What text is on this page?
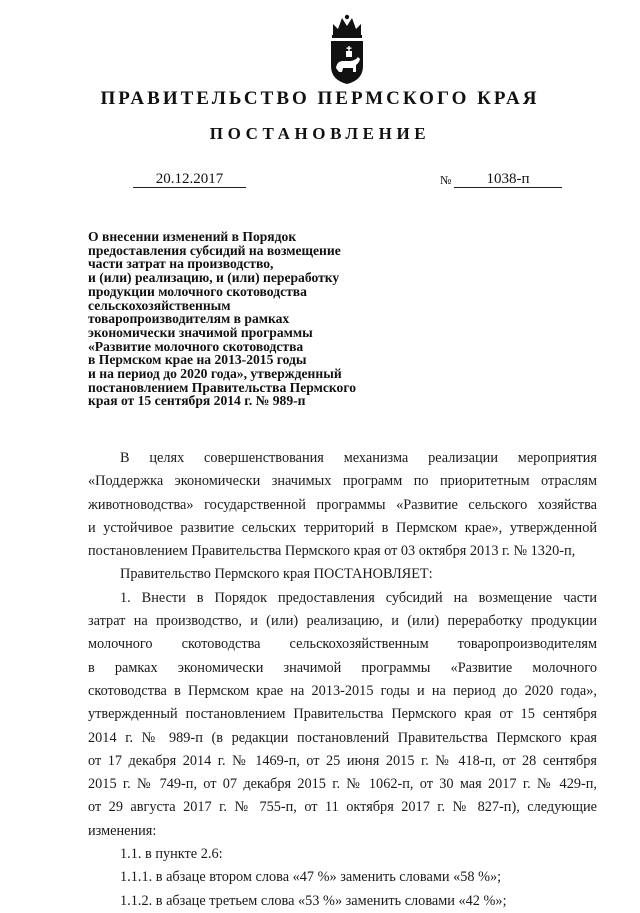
ПРАВИТЕЛЬСТВО ПЕРМСКОГО КРАЯ
ПОСТАНОВЛЕНИЕ
20.12.2017	№	1038-п
О внесении изменений в Порядок
предоставления субсидий на возмещение
части затрат на производство,
и (или) реализацию, и (или) переработку
продукции молочного скотоводства
сельскохозяйственным
товаропроизводителям в рамках
экономически значимой программы
«Развитие молочного скотоводства
в Пермском крае на 2013-2015 годы
и на период до 2020 года», утвержденный
постановлением Правительства Пермского
края от 15 сентября 2014 г. № 989-п
В целях совершенствования механизма реализации мероприятия
«Поддержка экономически значимых программ по приоритетным отраслям
животноводства» государственной программы «Развитие сельского хозяйства
и устойчивое развитие сельских территорий в Пермском крае», утвержденной
постановлением Правительства Пермского края от 03 октября 2013 г. № 1320-п,
Правительство Пермского края ПОСТАНОВЛЯЕТ:
1. Внести в Порядок предоставления субсидий на возмещение части
затрат на производство, и (или) реализацию, и (или) переработку продукции
молочного скотоводства сельскохозяйственным товаропроизводителям
в рамках экономически значимой программы «Развитие молочного
скотоводства в Пермском крае на 2013-2015 годы и на период до 2020 года»,
утвержденный постановлением Правительства Пермского края от 15 сентября
2014 г. № 989-п (в редакции постановлений Правительства Пермского края
от 17 декабря 2014 г. № 1469-п, от 25 июня 2015 г. № 418-п, от 28 сентября
2015 г. № 749-п, от 07 декабря 2015 г. № 1062-п, от 30 мая 2017 г. № 429-п,
от 29 августа 2017 г. № 755-п, от 11 октября 2017 г. № 827-п), следующие
изменения:
1.1. в пункте 2.6:
1.1.1. в абзаце втором слова «47 %» заменить словами «58 %»;
1.1.2. в абзаце третьем слова «53 %» заменить словами «42 %»;
